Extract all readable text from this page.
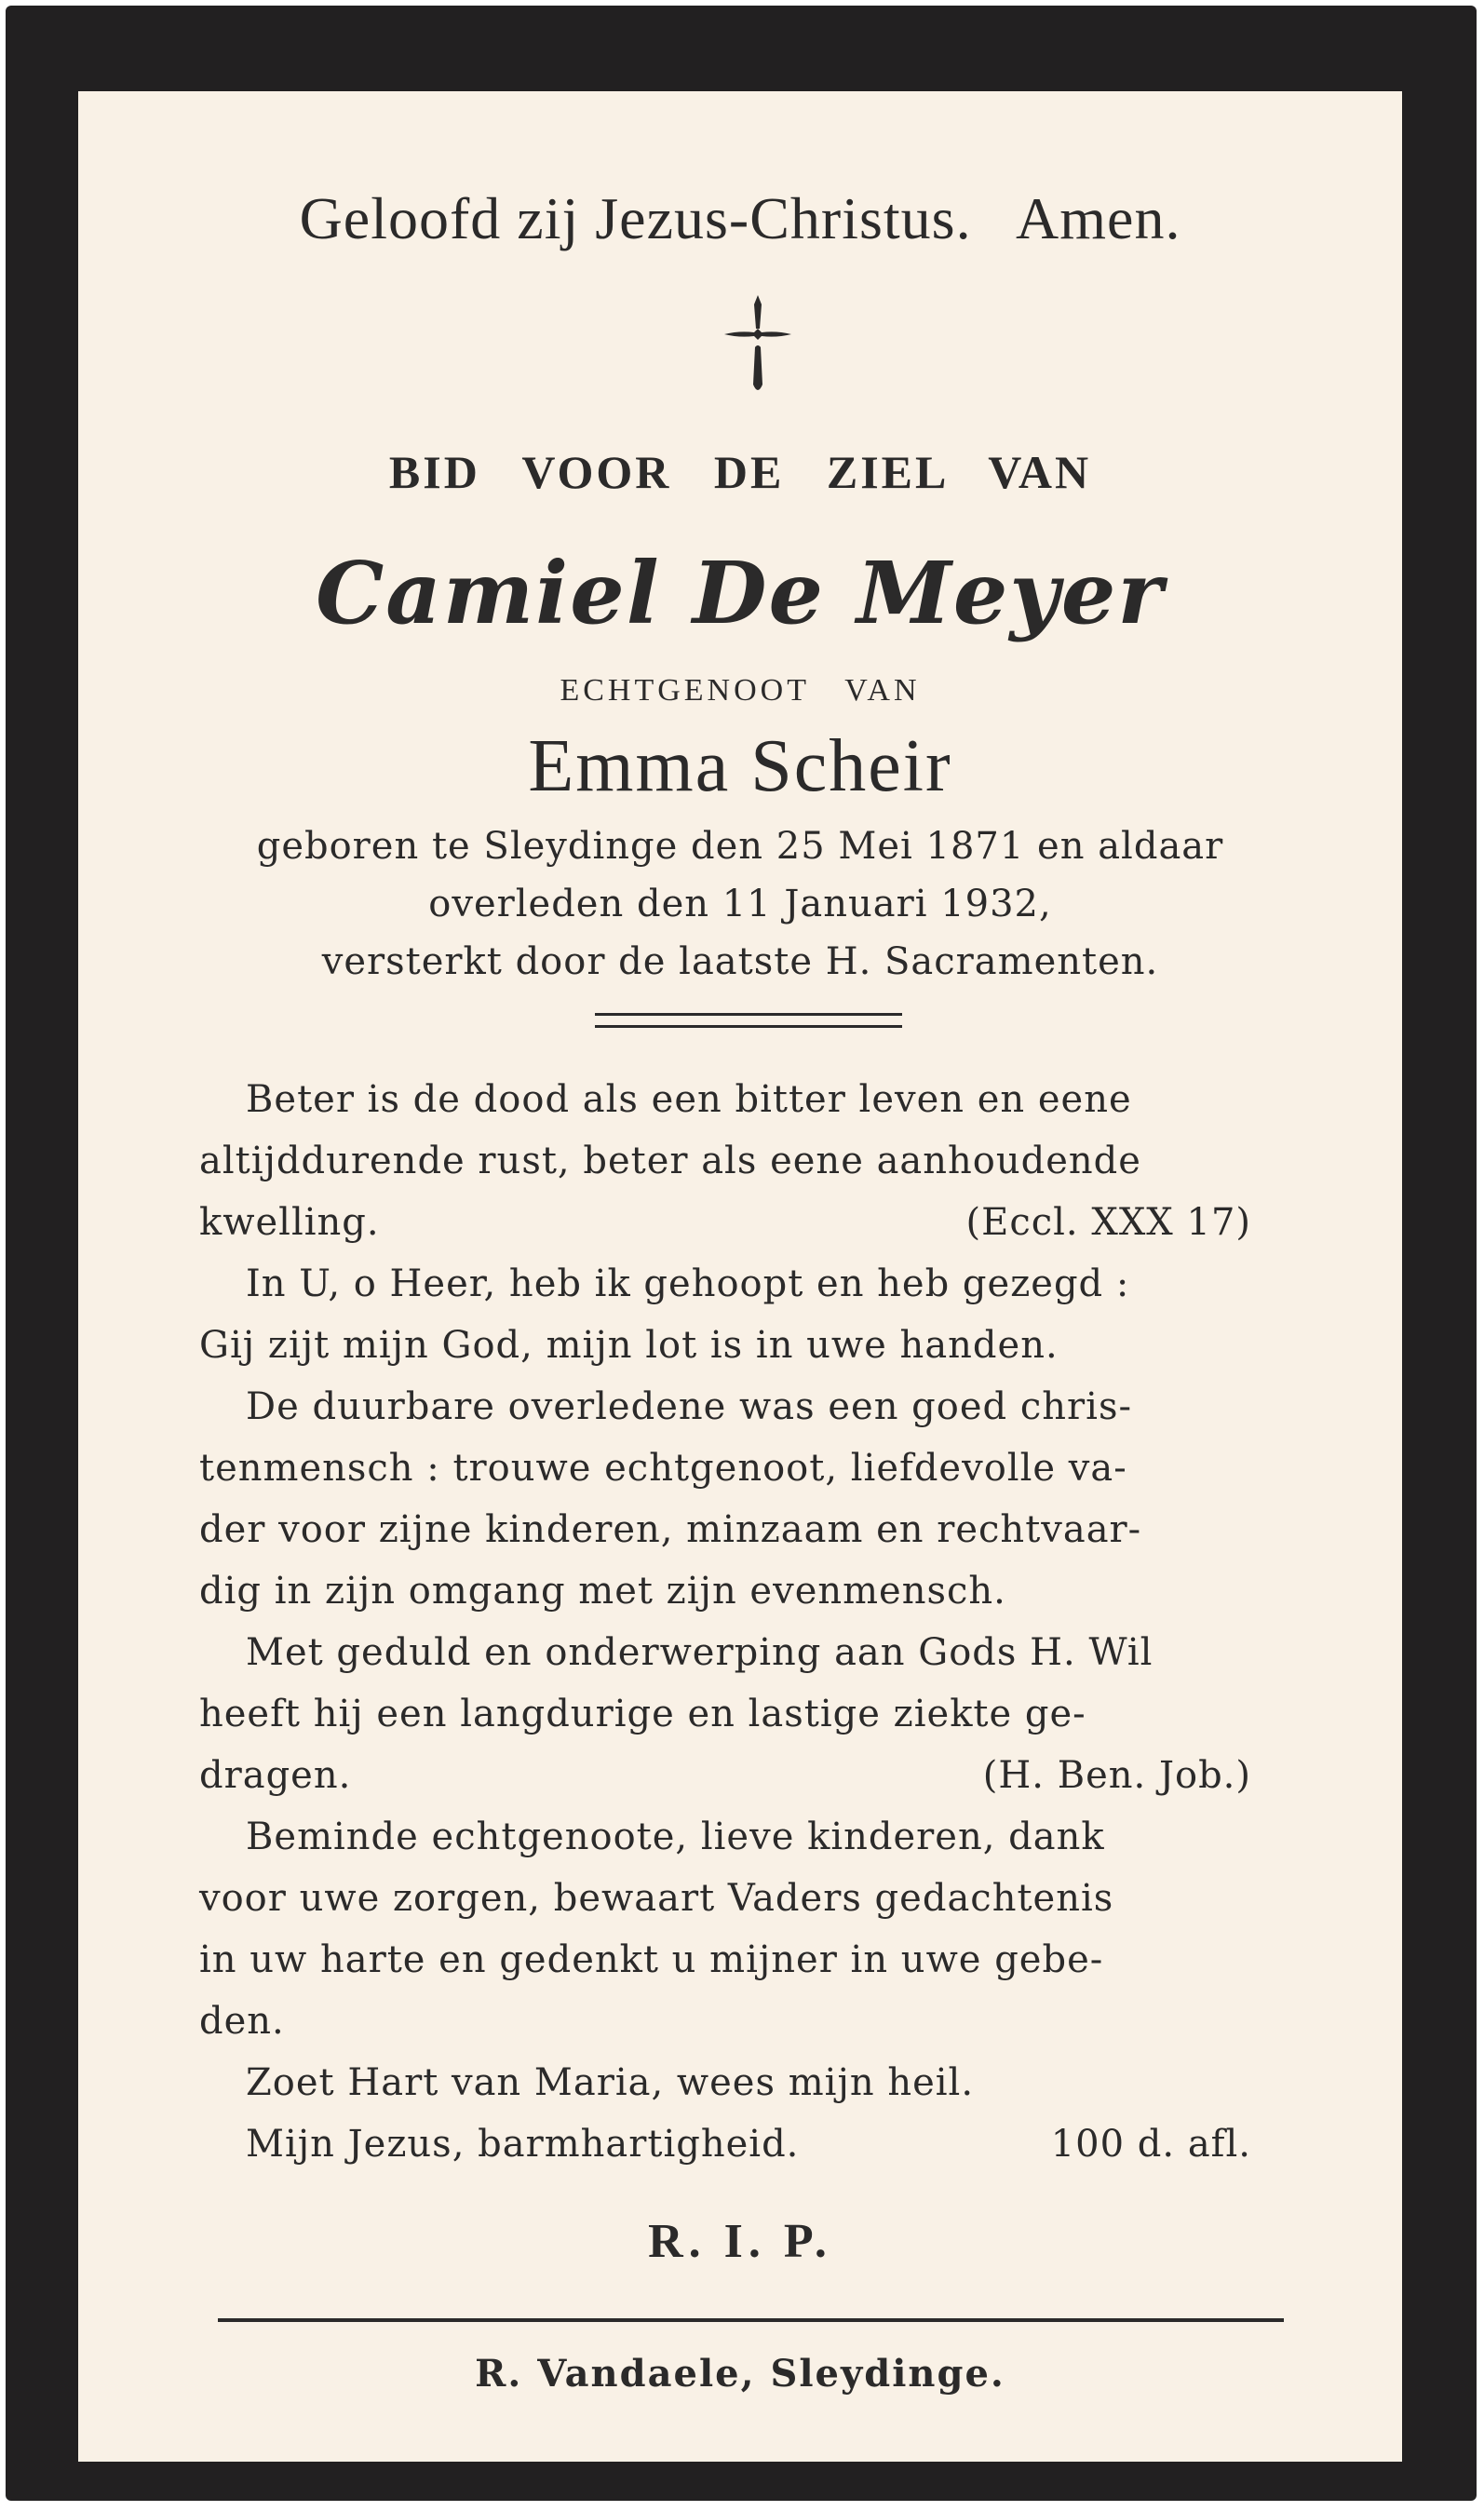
Geloofd zij Jezus-Christus.   Amen.
BID VOOR DE ZIEL VAN
Camiel De Meyer
ECHTGENOOT VAN
Emma Scheir
geboren te Sleydinge den 25 Mei 1871 en aldaar
overleden den 11 Januari 1932,
versterkt door de laatste H. Sacramenten.
Beter is de dood als een bitter leven en eene
altijddurende rust, beter als eene aanhoudende
kwelling.	(Eccl. XXX 17)
In U, o Heer, heb ik gehoopt en heb gezegd :
Gij zijt mijn God, mijn lot is in uwe handen.
De duurbare overledene was een goed chris-
tenmensch : trouwe echtgenoot, liefdevolle va-
der voor zijne kinderen, minzaam en rechtvaar-
dig in zijn omgang met zijn evenmensch.
Met geduld en onderwerping aan Gods H. Wil
heeft hij een langdurige en lastige ziekte ge-
dragen.	(H. Ben. Job.)
Beminde echtgenoote, lieve kinderen, dank
voor uwe zorgen, bewaart Vaders gedachtenis
in uw harte en gedenkt u mijner in uwe gebe-
den.
Zoet Hart van Maria, wees mijn heil.
Mijn Jezus, barmhartigheid.	100 d. afl.
R. I. P.
R. Vandaele, Sleydinge.
